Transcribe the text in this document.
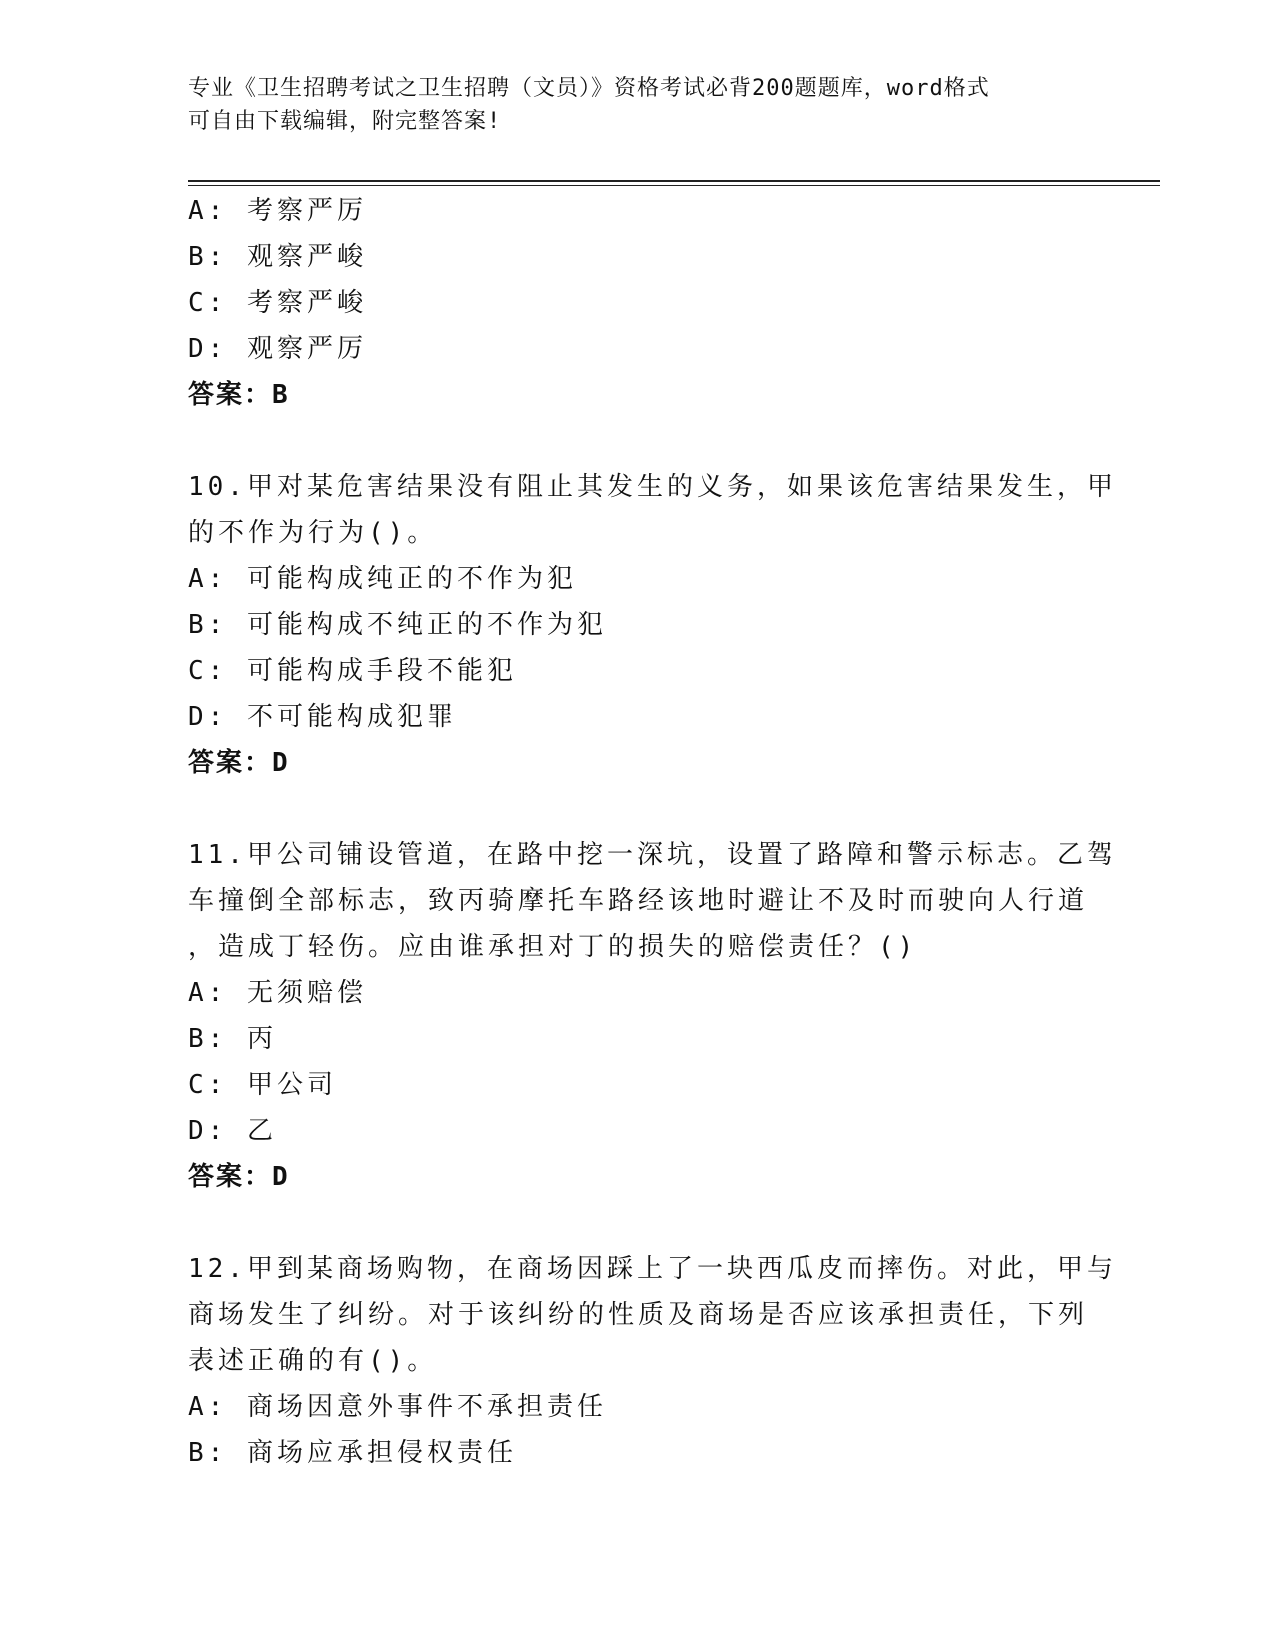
专业《卫生招聘考试之卫生招聘（文员）》资格考试必背200题题库，word格式
可自由下载编辑，附完整答案!
A: 考察严厉
B: 观察严峻
C: 考察严峻
D: 观察严厉
答案：B
10.甲对某危害结果没有阻止其发生的义务，如果该危害结果发生，甲
的不作为行为()。
A: 可能构成纯正的不作为犯
B: 可能构成不纯正的不作为犯
C: 可能构成手段不能犯
D: 不可能构成犯罪
答案：D
11.甲公司铺设管道，在路中挖一深坑，设置了路障和警示标志。乙驾
车撞倒全部标志，致丙骑摩托车路经该地时避让不及时而驶向人行道
，造成丁轻伤。应由谁承担对丁的损失的赔偿责任？()
A: 无须赔偿
B: 丙
C: 甲公司
D: 乙
答案：D
12.甲到某商场购物，在商场因踩上了一块西瓜皮而摔伤。对此，甲与
商场发生了纠纷。对于该纠纷的性质及商场是否应该承担责任，下列
表述正确的有()。
A: 商场因意外事件不承担责任
B: 商场应承担侵权责任
